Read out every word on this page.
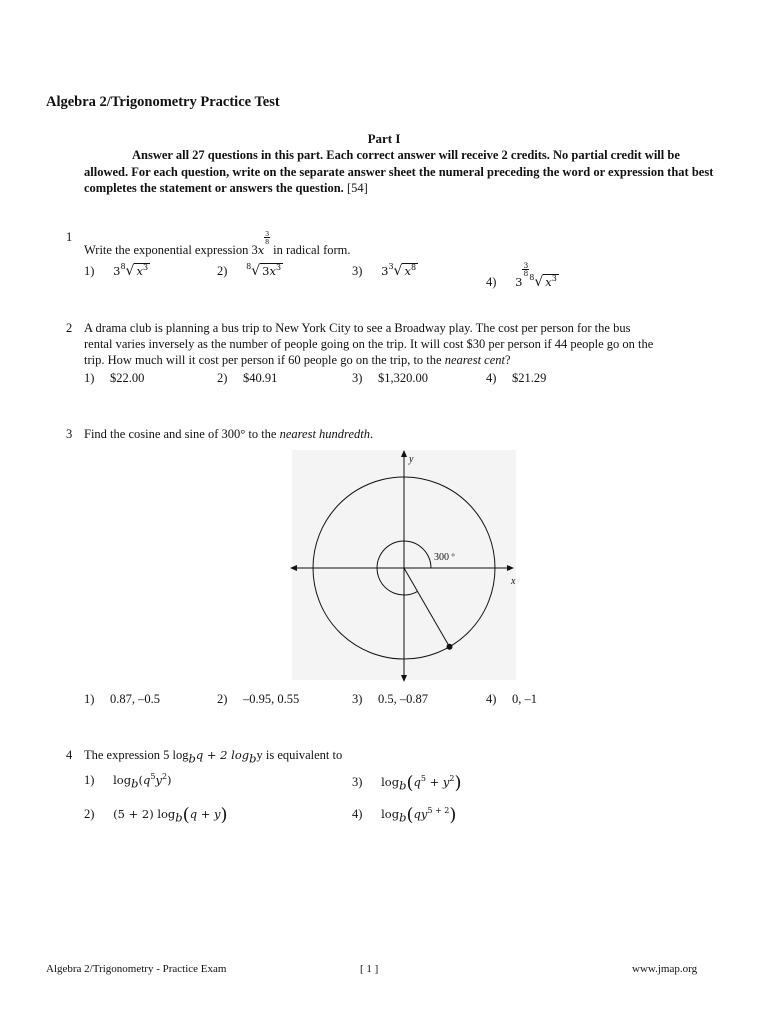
Algebra 2/Trigonometry Practice Test
Part I
Answer all 27 questions in this part. Each correct answer will receive 2 credits. No partial credit will be allowed. For each question, write on the separate answer sheet the numeral preceding the word or expression that best completes the statement or answers the question. [54]
1
Write the exponential expression 3x
$\frac{3}{8}$
in radical form.
1) $3^8√$ $x^3$	2) $^8$√ $3x^3$	3) $3^3√$ $x^8$
4) 3
$\frac{3}{8}$
$^8$√ $x^3$
2 A drama club is planning a bus trip to New York City to see a Broadway play. The cost per person for the bus
rental varies inversely as the number of people going on the trip. It will cost $30 per person if 44 people go on the
trip. How much will it cost per person if 60 people go on the trip, to the nearest cent?
1) $22.00	2) $40.91	3) $1,320.00	4) $21.29
3 Find the cosine and sine of 300° to the nearest hundredth.
300 º
x
y
1) 0.87, –0.5	2) –0.95, 0.55	3) 0.5, –0.87	4) 0, –1
4 The expression 5 $\log_bq + 2$ $\log_by$ is equivalent to
1) $\log_b(q^5y^2)$
2) (5 + 2) $\log_b(q + y)$
3) $\log_b(q^5 + y^2)$
4) $\log_b(qy^{5 + 2})$
Algebra 2/Trigonometry - Practice Exam	[ 1 ]	www.jmap.org
